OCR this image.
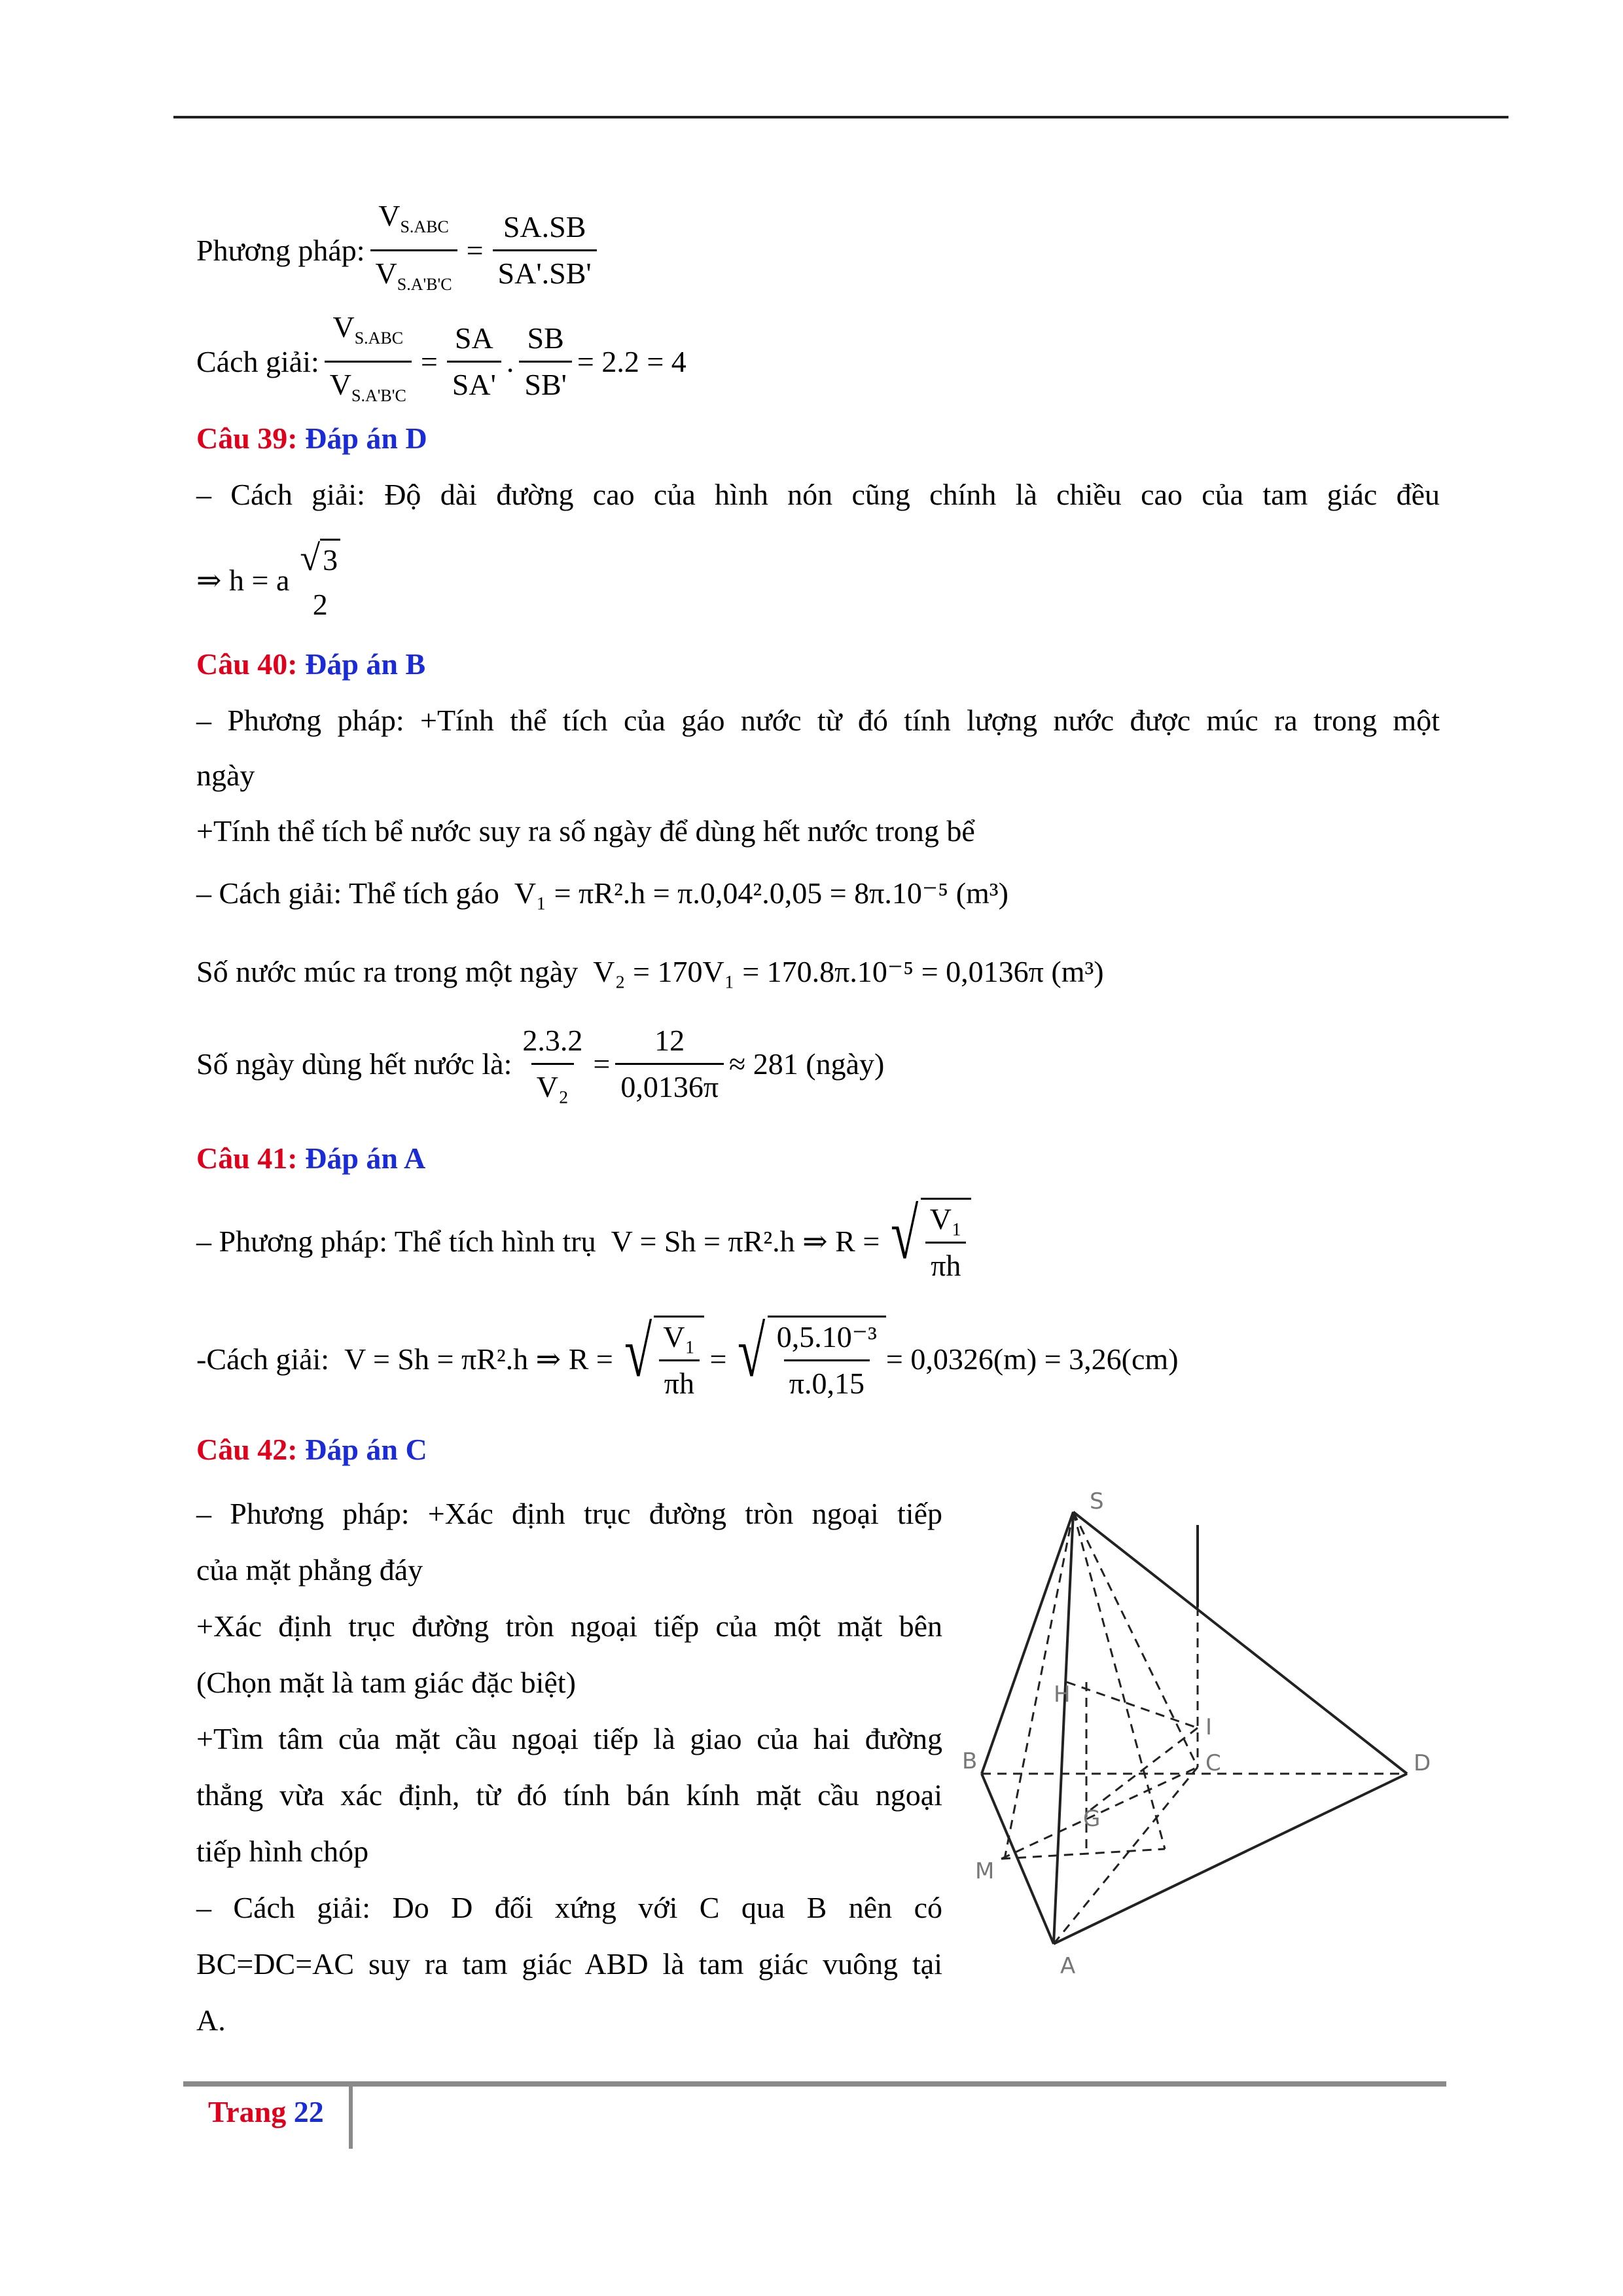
Phương pháp: $\frac{V_{S.ABC}}{V_{S.A'B'C}} = \frac{SA.SB}{SA'.SB'}$
Cách giải: $\frac{V_{S.ABC}}{V_{S.A'B'C}} = \frac{SA}{SA'}$ . $\frac{SB}{SB'} = 2.2 = 4$
Câu 39: Đáp án D
– Cách giải: Độ dài đường cao của hình nón cũng chính là chiều cao của tam giác đều
⇒ h = a
√ 3
2
Câu 40: Đáp án B
– Phương pháp: +Tính thể tích của gáo nước từ đó tính lượng nước được múc ra trong một
ngày
+Tính thể tích bể nước suy ra số ngày để dùng hết nước trong bể
– Cách giải: Thể tích gáo V₁ = πR².h = π.0,04².0,05 = 8π.10⁻⁵ (m³)
Số nước múc ra trong một ngày V₂ = 170V₁ = 170.8π.10⁻⁵ = 0,0136π (m³)
Số ngày dùng hết nước là: $\frac{2.3.2}{\text{V₂}} = \frac{12}{0,0136\pi} \approx 281$ (ngày)
Câu 41: Đáp án A
– Phương pháp: Thể tích hình trụ
V = Sh = πR².h ⇒ R = √ $\frac{\text{V₁}}{\pi h}$
-Cách giải:
V = Sh = πR².h ⇒ R = √ $\frac{\text{V₁}}{\pi h}$ = √ $\frac{\text{0,5.10⁻³}}{\pi.0,15} = 0,0326(m) = 3,26(cm)$
Câu 42: Đáp án C
– Phương pháp: +Xác định trục đường tròn ngoại tiếp
của mặt phẳng đáy
+Xác định trục đường tròn ngoại tiếp của một mặt bên
(Chọn mặt là tam giác đặc biệt)
+Tìm tâm của mặt cầu ngoại tiếp là giao của hai đường
thẳng vừa xác định, từ đó tính bán kính mặt cầu ngoại
tiếp hình chóp
– Cách giải: Do D đối xứng với C qua B nên có
BC=DC=AC suy ra tam giác ABD là tam giác vuông tại
A.
S
B
H
I
C	D
G
M
A
Trang 22
